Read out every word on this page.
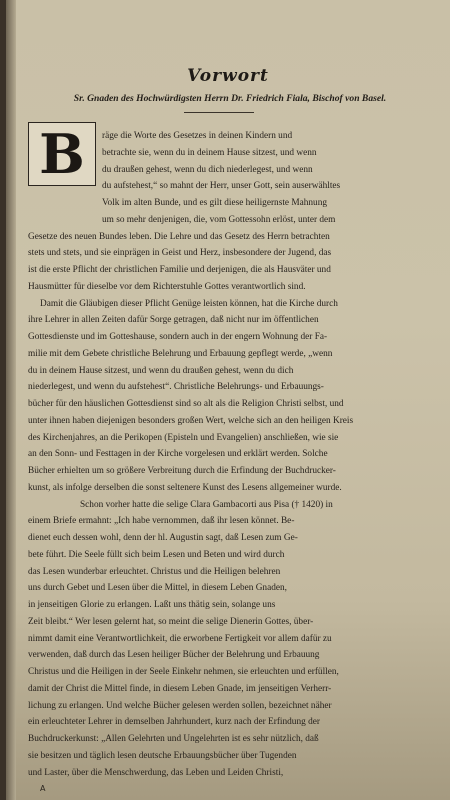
Vorwort
Sr. Gnaden des Hochwürdigsten Herrn Dr. Friedrich Fiala, Bischof von Basel.
B	räge die Worte des Gesetzes in deinen Kindern und
betrachte sie, wenn du in deinem Hause sitzest, und wenn
du draußen gehest, wenn du dich niederlegest, und wenn
du aufstehest,“ so mahnt der Herr, unser Gott, sein auserwähltes
Volk im alten Bunde, und es gilt diese heiligernste Mahnung
um so mehr denjenigen, die, vom Gottessohn erlöst, unter dem
Gesetze des neuen Bundes leben. Die Lehre und das Gesetz des Herrn betrachten
stets und stets, und sie einprägen in Geist und Herz, insbesondere der Jugend, das
ist die erste Pflicht der christlichen Familie und derjenigen, die als Hausväter und
Hausmütter für dieselbe vor dem Richterstuhle Gottes verantwortlich sind.
Damit die Gläubigen dieser Pflicht Genüge leisten können, hat die Kirche durch
ihre Lehrer in allen Zeiten dafür Sorge getragen, daß nicht nur im öffentlichen
Gottesdienste und im Gotteshause, sondern auch in der engern Wohnung der Fa-
milie mit dem Gebete christliche Belehrung und Erbauung gepflegt werde, „wenn
du in deinem Hause sitzest, und wenn du draußen gehest, wenn du dich
niederlegest, und wenn du aufstehest“. Christliche Belehrungs- und Erbauungs-
bücher für den häuslichen Gottesdienst sind so alt als die Religion Christi selbst, und
unter ihnen haben diejenigen besonders großen Wert, welche sich an den heiligen Kreis
des Kirchenjahres, an die Perikopen (Episteln und Evangelien) anschließen, wie sie
an den Sonn- und Festtagen in der Kirche vorgelesen und erklärt werden. Solche
Bücher erhielten um so größere Verbreitung durch die Erfindung der Buchdrucker-
kunst, als infolge derselben die sonst seltenere Kunst des Lesens allgemeiner wurde.
Schon vorher hatte die selige Clara Gambacorti aus Pisa († 1420) in
einem Briefe ermahnt: „Ich habe vernommen, daß ihr lesen könnet. Be-
dienet euch dessen wohl, denn der hl. Augustin sagt, daß Lesen zum Ge-
bete führt. Die Seele füllt sich beim Lesen und Beten und wird durch
das Lesen wunderbar erleuchtet. Christus und die Heiligen belehren
uns durch Gebet und Lesen über die Mittel, in diesem Leben Gnaden,
in jenseitigen Glorie zu erlangen. Laßt uns thätig sein, solange uns
Zeit bleibt.“ Wer lesen gelernt hat, so meint die selige Dienerin Gottes, über-
nimmt damit eine Verantwortlichkeit, die erworbene Fertigkeit vor allem dafür zu
verwenden, daß durch das Lesen heiliger Bücher der Belehrung und Erbauung
Christus und die Heiligen in der Seele Einkehr nehmen, sie erleuchten und erfüllen,
damit der Christ die Mittel finde, in diesem Leben Gnade, im jenseitigen Verherr-
lichung zu erlangen. Und welche Bücher gelesen werden sollen, bezeichnet näher
ein erleuchteter Lehrer in demselben Jahrhundert, kurz nach der Erfindung der
Buchdruckerkunst: „Allen Gelehrten und Ungelehrten ist es sehr nützlich, daß
sie besitzen und täglich lesen deutsche Erbauungsbücher über Tugenden
und Laster, über die Menschwerdung, das Leben und Leiden Christi,
A
